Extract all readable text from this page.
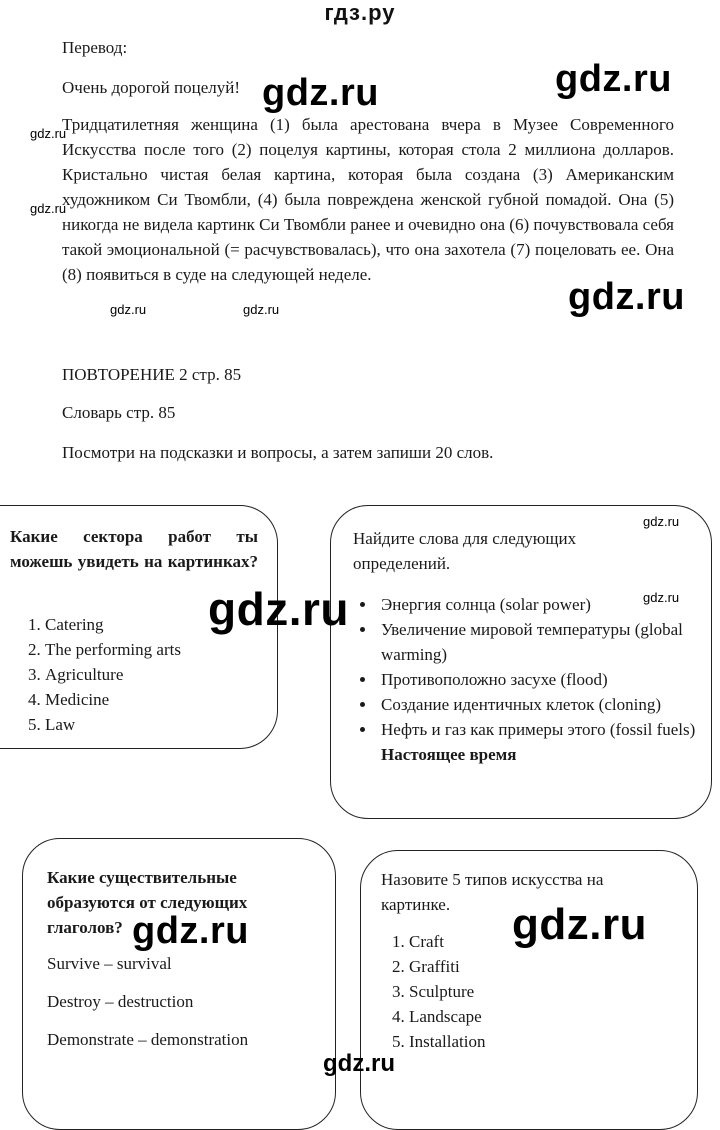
гдз.ру
Перевод:
Очень дорогой поцелуй!
Тридцатилетняя женщина (1) была арестована вчера в Музее Современного Искусства после того (2) поцелуя картины, которая стола 2 миллиона долларов. Кристально чистая белая картина, которая была создана (3) Американским художником Си Твомбли, (4) была повреждена женской губной помадой. Она (5) никогда не видела картинк Си Твомбли ранее и очевидно она (6) почувствовала себя такой эмоциональной (= расчувствовалась), что она захотела (7) поцеловать ее. Она (8) появиться в суде на следующей неделе.
ПОВТОРЕНИЕ 2 стр. 85
Словарь стр. 85
Посмотри на подсказки и вопросы, а затем запиши 20 слов.
Какие сектора работ ты можешь увидеть на картинках?
1. Catering
2. The performing arts
3. Agriculture
4. Medicine
5. Law
Найдите слова для следующих определений.
• Энергия солнца (solar power)
• Увеличение мировой температуры (global warming)
• Противоположно засухе (flood)
• Создание идентичных клеток (cloning)
• Нефть и газ как примеры этого (fossil fuels) Настоящее время
Какие существительные образуются от следующих глаголов?
Survive – survival
Destroy – destruction
Demonstrate – demonstration
Назовите 5 типов искусства на картинке.
1. Craft
2. Graffiti
3. Sculpture
4. Landscape
5. Installation
gdz.ru	gdz.ru
gdz.ru
gdz.ru
gdz.ru	gdz.ru
gdz.ru
gdz.ru
gdz.ru
gdz.ru	gdz.ru
gdz.ru
gdz.ru
